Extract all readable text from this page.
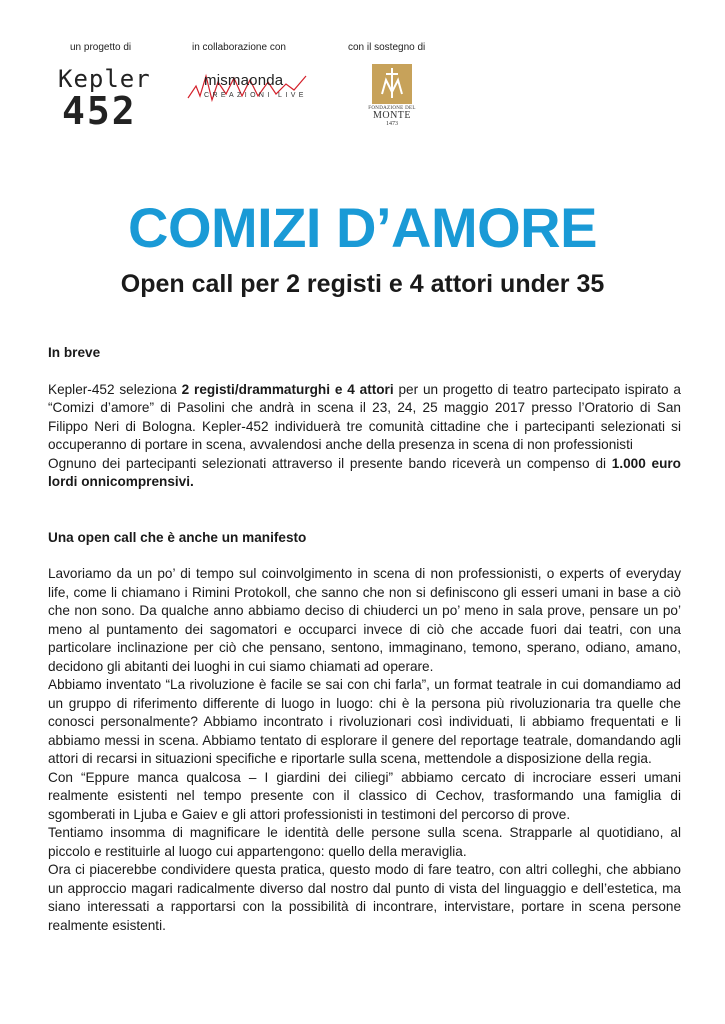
un progetto di	in collaborazione con	con il sostegno di
Kepler
452
mismaonda
CREAZIONI LIVE
FONDAZIONE DEL
MONTE
1473
COMIZI D’AMORE
Open call per 2 registi e 4 attori under 35
In breve

Kepler-452 seleziona 2 registi/drammaturghi e 4 attori per un progetto di teatro partecipato ispirato a “Comizi d’amore” di Pasolini che andrà in scena il 23, 24, 25 maggio 2017 presso l’Oratorio di San Filippo Neri di Bologna. Kepler-452 individuerà tre comunità cittadine che i partecipanti selezionati si occuperanno di portare in scena, avvalendosi anche della presenza in scena di non professionisti

Ognuno dei partecipanti selezionati attraverso il presente bando riceverà un compenso di 1.000 euro lordi onnicomprensivi.

Una open call che è anche un manifesto

Lavoriamo da un po’ di tempo sul coinvolgimento in scena di non professionisti, o experts of everyday life, come li chiamano i Rimini Protokoll, che sanno che non si definiscono gli esseri umani in base a ciò che non sono. Da qualche anno abbiamo deciso di chiuderci un po’ meno in sala prove, pensare un po’ meno al puntamento dei sagomatori e occuparci invece di ciò che accade fuori dai teatri, con una particolare inclinazione per ciò che pensano, sentono, immaginano, temono, sperano, odiano, amano, decidono gli abitanti dei luoghi in cui siamo chiamati ad operare.

Abbiamo inventato “La rivoluzione è facile se sai con chi farla”, un format teatrale in cui domandiamo ad un gruppo di riferimento differente di luogo in luogo: chi è la persona più rivoluzionaria tra quelle che conosci personalmente? Abbiamo incontrato i rivoluzionari così individuati, li abbiamo frequentati e li abbiamo messi in scena. Abbiamo tentato di esplorare il genere del reportage teatrale, domandando agli attori di recarsi in situazioni specifiche e riportarle sulla scena, mettendole a disposizione della regia.

Con “Eppure manca qualcosa – I giardini dei ciliegi” abbiamo cercato di incrociare esseri umani realmente esistenti nel tempo presente con il classico di Cechov, trasformando una famiglia di sgomberati in Ljuba e Gaiev e gli attori professionisti in testimoni del percorso di prove.

Tentiamo insomma di magnificare le identità delle persone sulla scena. Strapparle al quotidiano, al piccolo e restituirle al luogo cui appartengono: quello della meraviglia.

Ora ci piacerebbe condividere questa pratica, questo modo di fare teatro, con altri colleghi, che abbiano un approccio magari radicalmente diverso dal nostro dal punto di vista del linguaggio e dell’estetica, ma siano interessati a rapportarsi con la possibilità di incontrare, intervistare, portare in scena persone realmente esistenti.
